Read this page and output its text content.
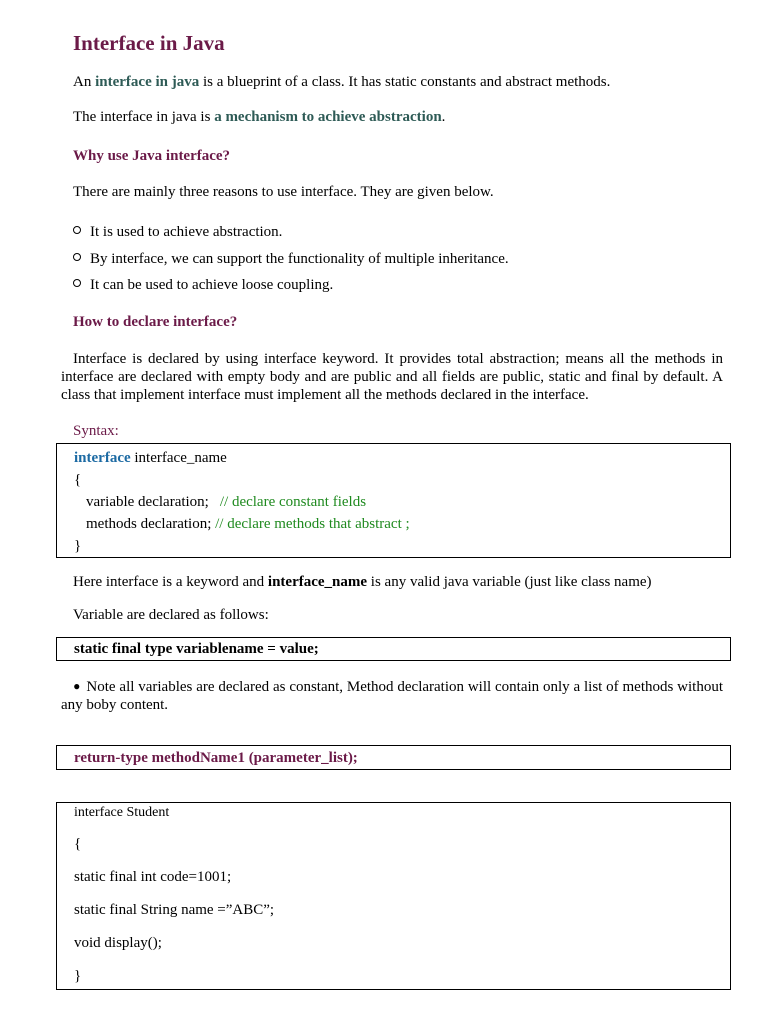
Interface in Java
An interface in java is a blueprint of a class. It has static constants and abstract methods.
The interface in java is a mechanism to achieve abstraction.
Why use Java interface?
There are mainly three reasons to use interface. They are given below.
It is used to achieve abstraction.
By interface, we can support the functionality of multiple inheritance.
It can be used to achieve loose coupling.
How to declare interface?
Interface is declared by using interface keyword. It provides total abstraction; means all the methods in interface are declared with empty body and are public and all fields are public, static and final by default. A class that implement interface must implement all the methods declared in the interface.
Syntax:
interface interface_name
{
variable declaration; // declare constant fields
methods declaration; // declare methods that abstract ;
}
Here interface is a keyword and interface_name is any valid java variable (just like class name)
Variable are declared as follows:
static final type variablename = value;
● Note all variables are declared as constant, Method declaration will contain only a list of methods without any boby content.
return-type methodName1 (parameter_list);
interface Student
{
static final int code=1001;
static final String name =”ABC”;
void display();
}
